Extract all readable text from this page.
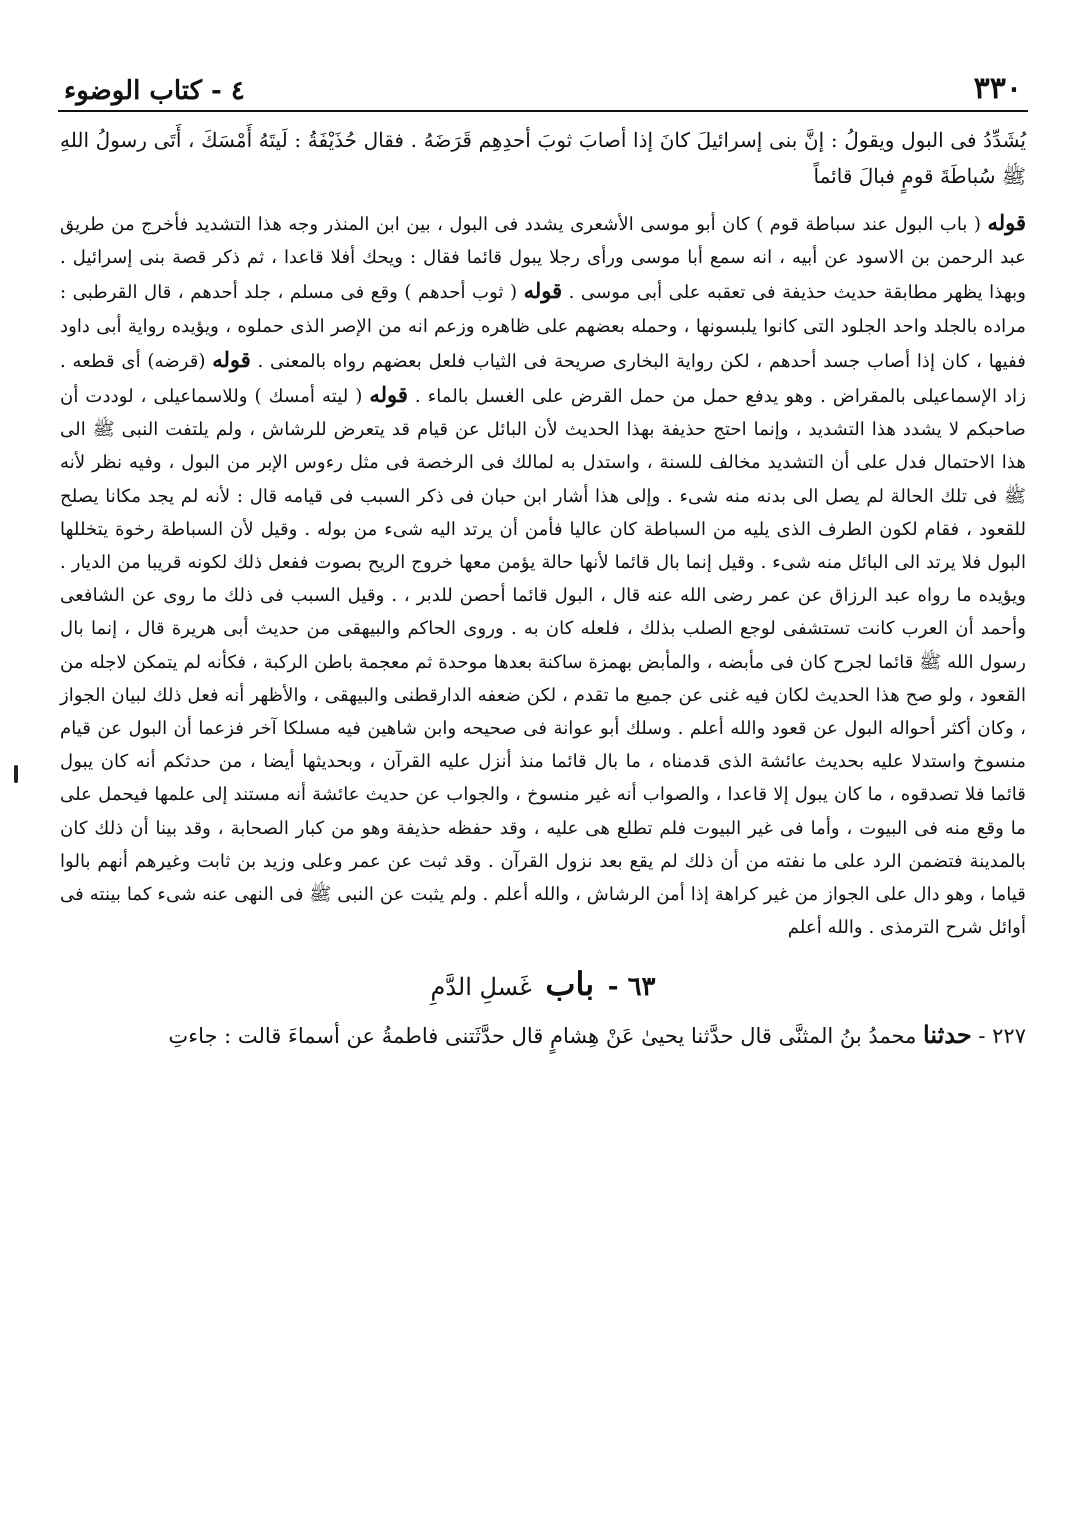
٣٣٠
٤ - كتاب الوضوء
يُشَدِّدُ فى البول ويقولُ : إنَّ بنى إسرائيلَ كانَ إذا أصابَ ثوبَ أحدِهِم قَرَضَهُ . فقال حُذَيْفَةُ : لَيتَهُ أَمْسَكَ ، أَتَى رسولُ اللهِ ﷺ سُباطَةَ قومٍ فبالَ قائماً

قوله ( باب البول عند سباطة قوم ) كان أبو موسى الأشعرى يشدد فى البول ، بين ابن المنذر وجه هذا التشديد فأخرج من طريق عبد الرحمن بن الاسود عن أبيه ، انه سمع أبا موسى ورأى رجلا يبول قائما فقال : ويحك أفلا قاعدا ، ثم ذكر قصة بنى إسرائيل . وبهذا يظهر مطابقة حديث حذيفة فى تعقبه على أبى موسى . قوله ( ثوب أحدهم ) وقع فى مسلم ، جلد أحدهم ، قال القرطبى : مراده بالجلد واحد الجلود التى كانوا يلبسونها ، وحمله بعضهم على ظاهره وزعم انه من الإصر الذى حملوه ، ويؤيده رواية أبى داود ففيها ، كان إذا أصاب جسد أحدهم ، لكن رواية البخارى صريحة فى الثياب فلعل بعضهم رواه بالمعنى . قوله (قرضه) أى قطعه . زاد الإسماعيلى بالمقراض . وهو يدفع حمل من حمل القرض على الغسل بالماء . قوله ( ليته أمسك ) وللاسماعيلى ، لوددت أن صاحبكم لا يشدد هذا التشديد ، وإنما احتج حذيفة بهذا الحديث لأن البائل عن قيام قد يتعرض للرشاش ، ولم يلتفت النبى ﷺ الى هذا الاحتمال فدل على أن التشديد مخالف للسنة ، واستدل به لمالك فى الرخصة فى مثل رءوس الإبر من البول ، وفيه نظر لأنه ﷺ فى تلك الحالة لم يصل الى بدنه منه شىء . وإلى هذا أشار ابن حبان فى ذكر السبب فى قيامه قال : لأنه لم يجد مكانا يصلح للقعود ، فقام لكون الطرف الذى يليه من السباطة كان عاليا فأمن أن يرتد اليه شىء من بوله . وقيل لأن السباطة رخوة يتخللها البول فلا يرتد الى البائل منه شىء . وقيل إنما بال قائما لأنها حالة يؤمن معها خروج الريح بصوت ففعل ذلك لكونه قريبا من الديار . ويؤيده ما رواه عبد الرزاق عن عمر رضى الله عنه قال ، البول قائما أحصن للدبر ، . وقيل السبب فى ذلك ما روى عن الشافعى وأحمد أن العرب كانت تستشفى لوجع الصلب بذلك ، فلعله كان به . وروى الحاكم والبيهقى من حديث أبى هريرة قال ، إنما بال رسول الله ﷺ قائما لجرح كان فى مأبضه ، والمأبض بهمزة ساكنة بعدها موحدة ثم معجمة باطن الركبة ، فكأنه لم يتمكن لاجله من القعود ، ولو صح هذا الحديث لكان فيه غنى عن جميع ما تقدم ، لكن ضعفه الدارقطنى والبيهقى ، والأظهر أنه فعل ذلك لبيان الجواز ، وكان أكثر أحواله البول عن قعود والله أعلم . وسلك أبو عوانة فى صحيحه وابن شاهين فيه مسلكا آخر فزعما أن البول عن قيام منسوخ واستدلا عليه بحديث عائشة الذى قدمناه ، ما بال قائما منذ أنزل عليه القرآن ، وبحديثها أيضا ، من حدثكم أنه كان يبول قائما فلا تصدقوه ، ما كان يبول إلا قاعدا ، والصواب أنه غير منسوخ ، والجواب عن حديث عائشة أنه مستند إلى علمها فيحمل على ما وقع منه فى البيوت ، وأما فى غير البيوت فلم تطلع هى عليه ، وقد حفظه حذيفة وهو من كبار الصحابة ، وقد بينا أن ذلك كان بالمدينة فتضمن الرد على ما نفته من أن ذلك لم يقع بعد نزول القرآن . وقد ثبت عن عمر وعلى وزيد بن ثابت وغيرهم أنهم بالوا قياما ، وهو دال على الجواز من غير كراهة إذا أمن الرشاش ، والله أعلم . ولم يثبت عن النبى ﷺ فى النهى عنه شىء كما بينته فى أوائل شرح الترمذى . والله أعلم

٦٣ - باب غَسلِ الدَّمِ
٢٢٧ - حدثنا محمدُ بنُ المثنَّى قال حدَّثنا يحيىٰ عَنْ هِشامٍ قال حدَّثَتنى فاطمةُ عن أسماءَ قالت : جاءتِ
